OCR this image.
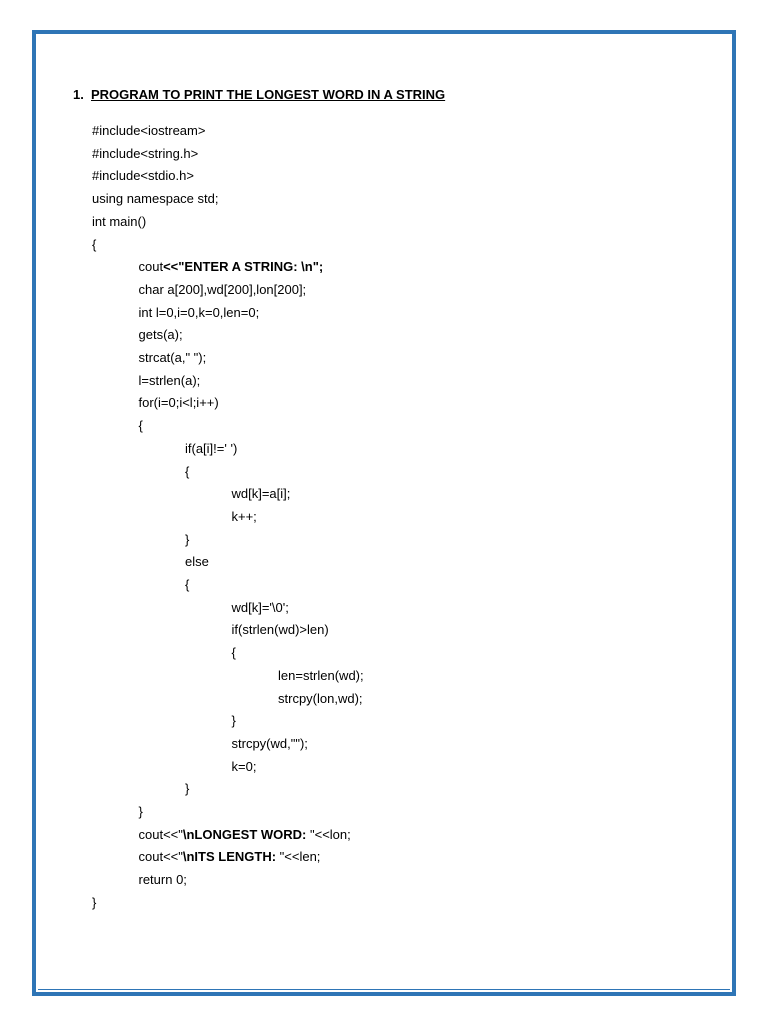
1. PROGRAM TO PRINT THE LONGEST WORD IN A STRING
#include<iostream>
#include<string.h>
#include<stdio.h>
using namespace std;
int main()
{
cout<<"ENTER A STRING: \n";
char a[200],wd[200],lon[200];
int l=0,i=0,k=0,len=0;
gets(a);
strcat(a," ");
l=strlen(a);
for(i=0;i<l;i++)
{
if(a[i]!=' ')
{
wd[k]=a[i];
k++;
}
else
{
wd[k]='\0';
if(strlen(wd)>len)
{
len=strlen(wd);
strcpy(lon,wd);
}
strcpy(wd,"");
k=0;
}
}
cout<<"\nLONGEST WORD: "<<lon;
cout<<"\nITS LENGTH: "<<len;
return 0;
}
